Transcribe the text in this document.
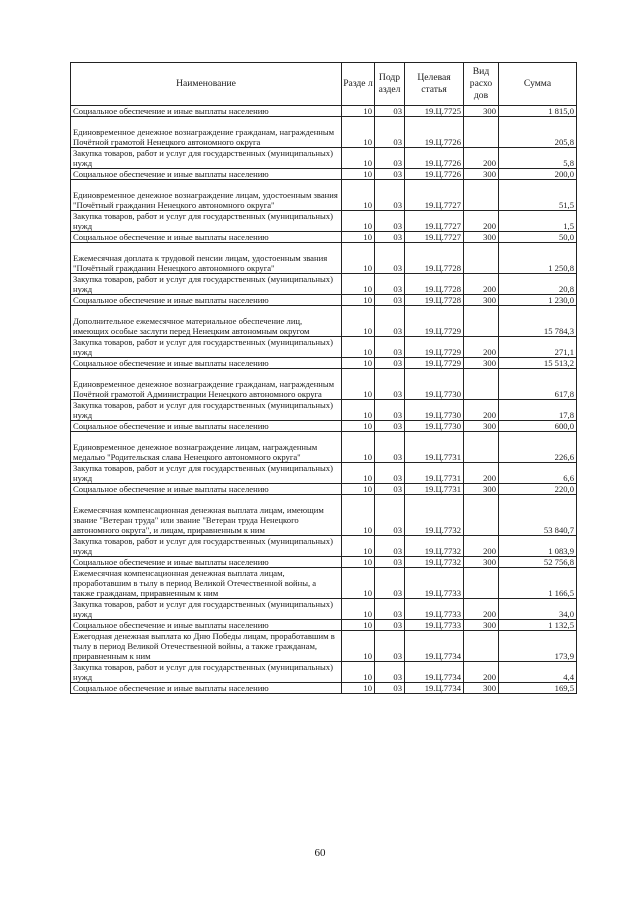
Наименование	Разде л	Подр аздел	Целевая статья	Вид расхо дов	Сумма
Социальное обеспечение и иные выплаты населению	10	03	19.Ц.7725	300	1 815,0
Единовременное денежное вознаграждение гражданам, награжденным Почётной грамотой Ненецкого автономного округа	10	03	19.Ц.7726		205,8
Закупка товаров, работ и услуг для государственных (муниципальных) нужд	10	03	19.Ц.7726	200	5,8
Социальное обеспечение и иные выплаты населению	10	03	19.Ц.7726	300	200,0
Единовременное денежное вознаграждение лицам, удостоенным звания "Почётный гражданин Ненецкого автономного округа"	10	03	19.Ц.7727		51,5
Закупка товаров, работ и услуг для государственных (муниципальных) нужд	10	03	19.Ц.7727	200	1,5
Социальное обеспечение и иные выплаты населению	10	03	19.Ц.7727	300	50,0
Ежемесячная доплата к трудовой пенсии лицам, удостоенным звания "Почётный гражданин Ненецкого автономного округа"	10	03	19.Ц.7728		1 250,8
Закупка товаров, работ и услуг для государственных (муниципальных) нужд	10	03	19.Ц.7728	200	20,8
Социальное обеспечение и иные выплаты населению	10	03	19.Ц.7728	300	1 230,0
Дополнительное ежемесячное материальное обеспечение лиц, имеющих особые заслуги перед Ненецким автономным округом	10	03	19.Ц.7729		15 784,3
Закупка товаров, работ и услуг для государственных (муниципальных) нужд	10	03	19.Ц.7729	200	271,1
Социальное обеспечение и иные выплаты населению	10	03	19.Ц.7729	300	15 513,2
Единовременное денежное вознаграждение гражданам, награжденным Почётной грамотой Администрации Ненецкого автономного округа	10	03	19.Ц.7730		617,8
Закупка товаров, работ и услуг для государственных (муниципальных) нужд	10	03	19.Ц.7730	200	17,8
Социальное обеспечение и иные выплаты населению	10	03	19.Ц.7730	300	600,0
Единовременное денежное вознаграждение лицам, награжденным медалью "Родительская слава Ненецкого автономного округа"	10	03	19.Ц.7731		226,6
Закупка товаров, работ и услуг для государственных (муниципальных) нужд	10	03	19.Ц.7731	200	6,6
Социальное обеспечение и иные выплаты населению	10	03	19.Ц.7731	300	220,0
Ежемесячная компенсационная денежная выплата лицам, имеющим звание "Ветеран труда" или звание "Ветеран труда Ненецкого автономного округа", и лицам, приравненным к ним	10	03	19.Ц.7732		53 840,7
Закупка товаров, работ и услуг для государственных (муниципальных) нужд	10	03	19.Ц.7732	200	1 083,9
Социальное обеспечение и иные выплаты населению	10	03	19.Ц.7732	300	52 756,8
Ежемесячная компенсационная денежная выплата лицам, проработавшим в тылу в период Великой Отечественной войны, а также гражданам, приравненным к ним	10	03	19.Ц.7733		1 166,5
Закупка товаров, работ и услуг для государственных (муниципальных) нужд	10	03	19.Ц.7733	200	34,0
Социальное обеспечение и иные выплаты населению	10	03	19.Ц.7733	300	1 132,5
Ежегодная денежная выплата ко Дню Победы лицам, проработавшим в тылу в период Великой Отечественной войны, а также гражданам, приравненным к ним	10	03	19.Ц.7734		173,9
Закупка товаров, работ и услуг для государственных (муниципальных) нужд	10	03	19.Ц.7734	200	4,4
Социальное обеспечение и иные выплаты населению	10	03	19.Ц.7734	300	169,5
60
